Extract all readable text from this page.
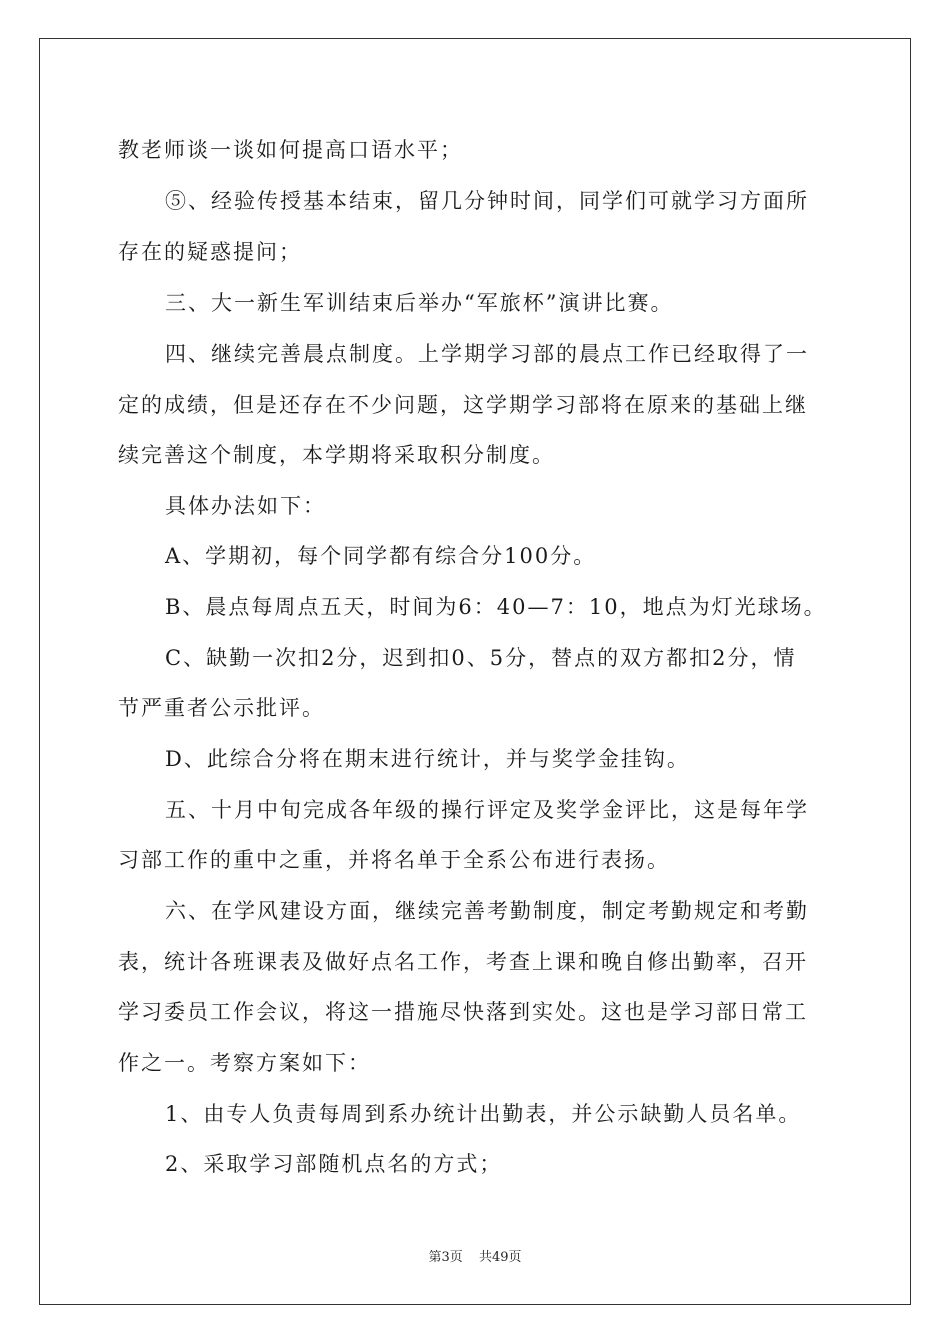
教老师谈一谈如何提高口语水平；
⑤、经验传授基本结束，留几分钟时间，同学们可就学习方面所
存在的疑惑提问；
三、大一新生军训结束后举办“军旅杯”演讲比赛。
四、继续完善晨点制度。上学期学习部的晨点工作已经取得了一
定的成绩，但是还存在不少问题，这学期学习部将在原来的基础上继
续完善这个制度，本学期将采取积分制度。
具体办法如下：
A、学期初，每个同学都有综合分100分。
B、晨点每周点五天，时间为6：40—7：10，地点为灯光球场。
C、缺勤一次扣2分，迟到扣0、5分，替点的双方都扣2分，情
节严重者公示批评。
D、此综合分将在期末进行统计，并与奖学金挂钩。
五、十月中旬完成各年级的操行评定及奖学金评比，这是每年学
习部工作的重中之重，并将名单于全系公布进行表扬。
六、在学风建设方面，继续完善考勤制度，制定考勤规定和考勤
表，统计各班课表及做好点名工作，考查上课和晚自修出勤率，召开
学习委员工作会议，将这一措施尽快落到实处。这也是学习部日常工
作之一。考察方案如下：
1、由专人负责每周到系办统计出勤表，并公示缺勤人员名单。
2、采取学习部随机点名的方式；
第3页 共49页
